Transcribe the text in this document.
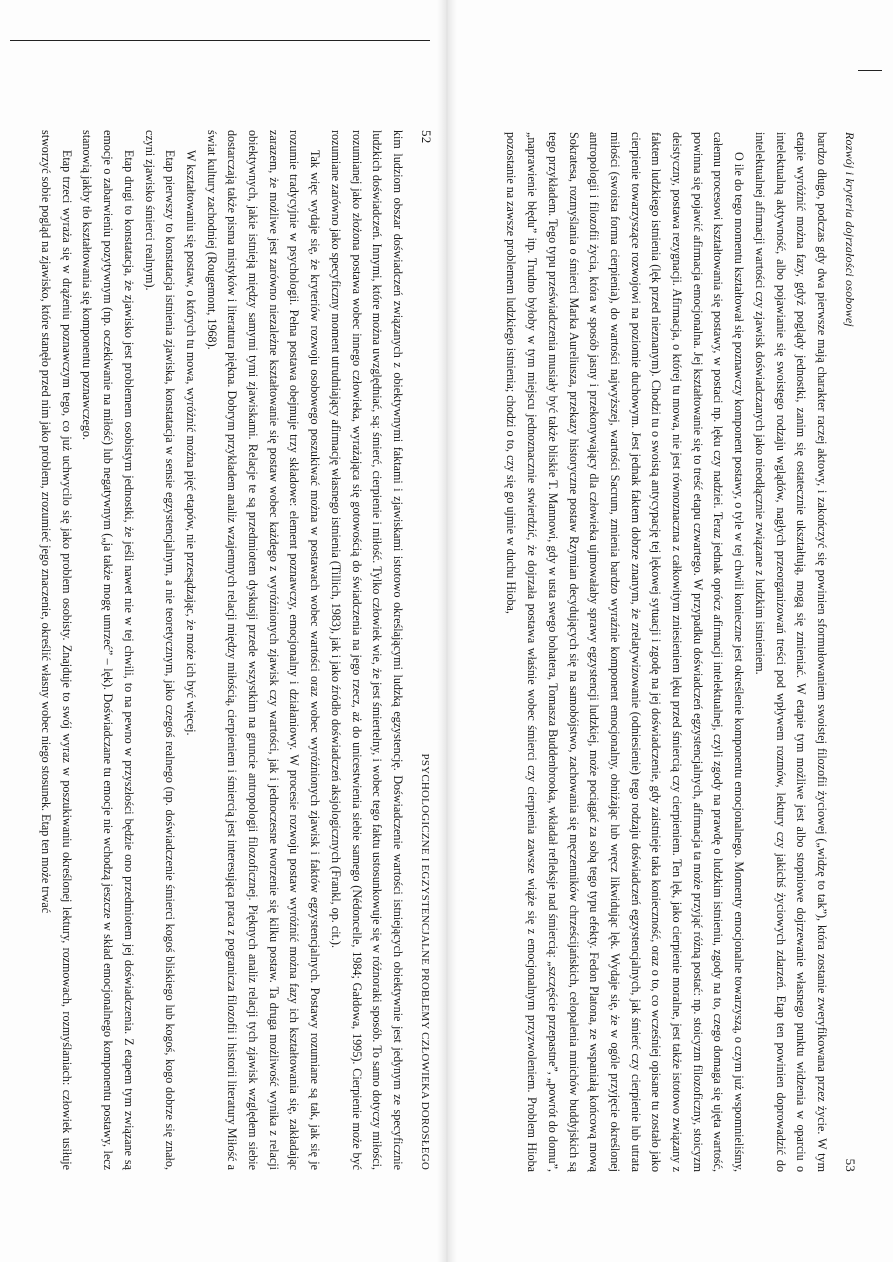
52
PSYCHOLOGICZNE I EGZYSTENCJALNE PROBLEMY CZŁOWIEKA DOROSŁEGO

kim ludziom obszar doświadczeń związanych z obiektywnymi faktami i zjawiskami istotowo określającymi ludzką egzystencję. Doświadczenie wartości istniejących obiektywnie jest jedynym ze specyficznie ludzkich doświadczeń. Innymi, które można uwzględniać, są: śmierć, cierpienie i miłość. Tylko człowiek wie, że jest śmiertelny, i wobec tego faktu ustosunkowuje się w różnoraki sposób. To samo dotyczy miłości, rozumianej jako złożona postawa wobec innego człowieka, wyrażająca się gotowością do świadczenia na jego rzecz, aż do unicestwienia siebie samego (Nédoncelle, 1984; Gałdowa, 1995). Cierpienie może być rozumiane zarówno jako specyficzny moment utrudniający afirmację własnego istnienia (Tillich, 1983), jak i jako źródło doświadczeń aksjologicznych (Frankl, op. cit.).

Tak więc wydaje się, że kryteriów rozwoju osobowego poszukiwać można w postawach wobec wartości oraz wobec wyróżnionych zjawisk i faktów egzystencjalnych. Postawy rozumiane są tak, jak się je rozumie tradycyjnie w psychologii. Pełna postawa obejmuje trzy składowe: element poznawczy, emocjonalny i działaniowy. W procesie rozwoju postaw wyróżnić można fazy ich kształtowania się, zakładając zarazem, że możliwe jest zarówno niezależne kształtowanie się postaw wobec każdego z wyróżnionych zjawisk czy wartości, jak i jednoczesne tworzenie się kilku postaw. Ta druga możliwość wynika z relacji obiektywnych, jakie istnieją między samymi tymi zjawiskami. Relacje te są przedmiotem dyskusji przede wszystkim na gruncie antropologii filozoficznej. Pięknych analiz relacji tych zjawisk względem siebie dostarczają także pisma mistyków i literatura piękna. Dobrym przykładem analiz wzajemnych relacji między miłością, cierpieniem i śmiercią jest interesująca praca z pogranicza filozofii i historii literatury Miłość a świat kultury zachodniej (Rougemont, 1968).

W kształtowaniu się postaw, o których tu mowa, wyróżnić można pięć etapów, nie przesądzając, że może ich być więcej.

Etap pierwszy to konstatacja istnienia zjawiska, konstatacja w sensie egzystencjalnym, a nie teoretycznym, jako czegoś realnego (np. doświadczenie śmierci kogoś bliskiego lub kogoś, kogo dobrze się znało, czyni zjawisko śmierci realnym).

Etap drugi to konstatacja, że zjawisko jest problemem osobistym jednostki, że jeśli nawet nie w tej chwili, to na pewno w przyszłości będzie ono przedmiotem jej doświadczenia. Z etapem tym związane są emocje o zabarwieniu pozytywnym (np. oczekiwanie na miłość) lub negatywnym („ja także mogę umrzeć” – lęk). Doświadczane tu emocje nie wchodzą jeszcze w skład emocjonalnego komponentu postawy, lecz stanowią jakby tło kształtowania się komponentu poznawczego.

Etap trzeci wyraża się w drążeniu poznawczym tego, co już uchwycilo się jako problem osobisty. Znajduje to swój wyraz w poszukiwaniu określonej lektury, rozmowach, rozmyślaniach: człowiek usiłuje stworzyć sobie pogląd na zjawisko, które stanęło przed nim jako problem, zrozumieć jego znaczenie, określić własny wobec niego stosunek. Etap ten może trwać	Rozwój i kryteria dojrzałości osobowej
53

bardzo długo, podczas gdy dwa pierwsze mają charakter raczej aktowy, i zakończyć się powinien sformułowaniem swoistej filozofii życiowej („widzę to tak”), która zostanie zweryfikowana przez życie. W tym etapie wyróżnić można fazy, gdyż poglądy jednostki, zanim się ostatecznie ukształtują, mogą się zmieniać. W etapie tym możliwe jest albo stopniowe dojrzewanie własnego punktu widzenia w oparciu o intelektualną aktywność, albo pojawianie się swoistego rodzaju wglądów, nagłych przeorganizowań treści pod wpływem rozmów, lektury czy jakichś życiowych zdarzeń. Etap ten powinien doprowadzić do intelektualnej afirmacji wartości czy zjawisk doświadczanych jako nieodłącznie związane z ludzkim istnieniem.

O ile do tego momentu kształtował się poznawczy komponent postawy, o tyle w tej chwili konieczne jest określenie komponentu emocjonalnego. Momenty emocjonalne towarzyszą, o czym już wspomnieliśmy, całemu procesowi kształtowania się postawy, w postaci np. lęku czy nadziei. Teraz jednak oprócz afirmacji intelektualnej, czyli zgody na prawdę o ludzkim istnieniu, zgody na to, czego domaga się ujęta wartość, powinna się pojawić afirmacja emocjonalna. Jej kształtowanie się to treść etapu czwartego. W przypadku doświadczeń egzystencjalnych, afirmacja ta może przyjąć różną postać: np. stoicyzm filozoficzny, stoicyzm deistyczny, postawa rezygnacji. Afirmacja, o której tu mowa, nie jest równoznaczna z całkowitym zniesieniem lęku przed śmiercią czy cierpieniem. Ten lęk, jako cierpienie moralne, jest także istotowo związany z faktem ludzkiego istnienia (lęk przed nieznanym). Chodzi tu o swoistą antycypację tej lękowej sytuacji i zgodę na jej doświadczenie, gdy zaistnieje taka konieczność, oraz o to, co wcześniej opisane tu zostało jako cierpienie towarzyszące rozwojowi na poziomie duchowym. Jest jednak faktem dobrze znanym, że zrelatywizowanie (odniesienie) tego rodzaju doświadczeń egzystencjalnych, jak śmierć czy cierpienie lub utrata miłości (swoista forma cierpienia), do wartości najwyższej, wartości Sacrum, zmienia bardzo wyraźnie komponent emocjonalny, obniżając lub wręcz likwidując lęk. Wydaje się, że w ogóle przyjęcie określonej antropologii i filozofii życia, która w sposób jasny i przekonywający dla człowieka ujmowałaby sprawy egzystencji ludzkiej, może pociągać za sobą tego typu efekty. Fedon Platona, ze wspaniałą końcową mową Sokratesa, rozmyślania o śmierci Marka Aureliusza, przekazy historyczne postaw Rzymian decydujących się na samobójstwo, zachowania się męczenników chrześcijańskich, celopalenia mnichów buddyjskich są tego przykładem. Tego typu przeświadczenia musiały być także bliskie T. Mannowi, gdy w usta swego bohatera, Tomasza Buddenbrooka, wkładał refleksje nad śmiercią: „szczęście przepastne”, „powrót do domu”, „naprawienie błędu” itp. Trudno byłoby w tym miejscu jednoznacznie stwierdzić, że dojrzała postawa właśnie wobec śmierci czy cierpienia zawsze wiąże się z emocjonalnym przyzwoleniem. Problem Hioba pozostanie na zawsze problemem ludzkiego istnienia; chodzi o to, czy się go ujmie w duchu Hioba,
